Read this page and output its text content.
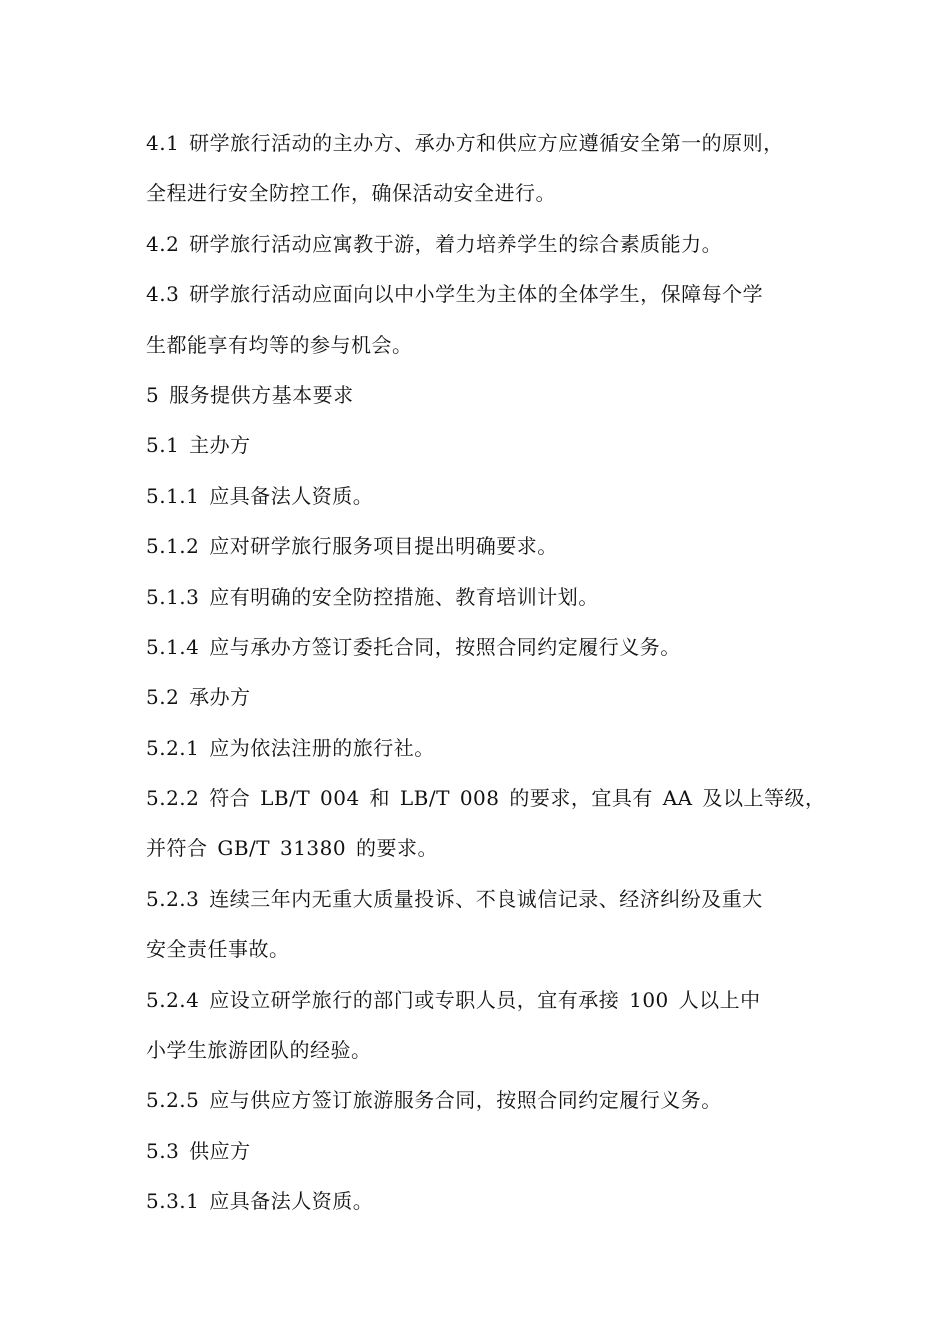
4.1 研学旅行活动的主办方、承办方和供应方应遵循安全第一的原则，
全程进行安全防控工作，确保活动安全进行。
4.2 研学旅行活动应寓教于游，着力培养学生的综合素质能力。
4.3 研学旅行活动应面向以中小学生为主体的全体学生，保障每个学
生都能享有均等的参与机会。
5 服务提供方基本要求
5.1 主办方
5.1.1 应具备法人资质。
5.1.2 应对研学旅行服务项目提出明确要求。
5.1.3 应有明确的安全防控措施、教育培训计划。
5.1.4 应与承办方签订委托合同，按照合同约定履行义务。
5.2 承办方
5.2.1 应为依法注册的旅行社。
5.2.2 符合 LB/T 004 和 LB/T 008 的要求，宜具有 AA 及以上等级，
并符合 GB/T 31380 的要求。
5.2.3 连续三年内无重大质量投诉、不良诚信记录、经济纠纷及重大
安全责任事故。
5.2.4 应设立研学旅行的部门或专职人员，宜有承接 100 人以上中
小学生旅游团队的经验。
5.2.5 应与供应方签订旅游服务合同，按照合同约定履行义务。
5.3 供应方
5.3.1 应具备法人资质。
